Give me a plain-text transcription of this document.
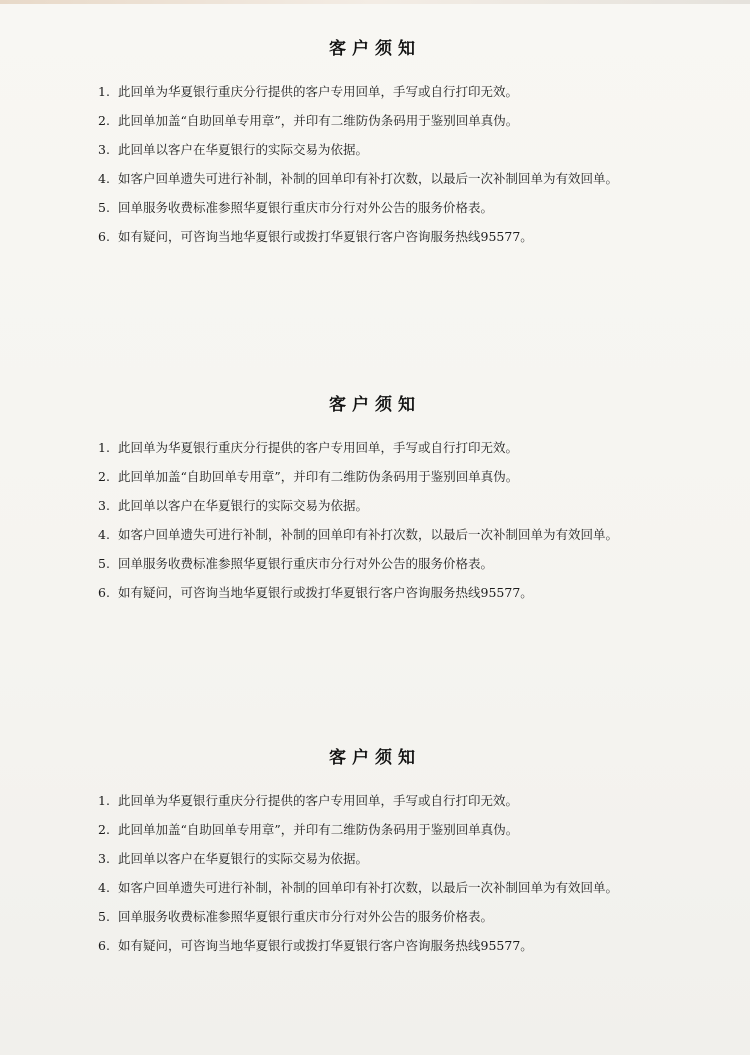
客户须知
1. 此回单为华夏银行重庆分行提供的客户专用回单，手写或自行打印无效。
2. 此回单加盖“自助回单专用章”，并印有二维防伪条码用于鉴别回单真伪。
3. 此回单以客户在华夏银行的实际交易为依据。
4. 如客户回单遗失可进行补制，补制的回单印有补打次数，以最后一次补制回单为有效回单。
5. 回单服务收费标准参照华夏银行重庆市分行对外公告的服务价格表。
6. 如有疑问，可咨询当地华夏银行或拨打华夏银行客户咨询服务热线95577。
客户须知
1. 此回单为华夏银行重庆分行提供的客户专用回单，手写或自行打印无效。
2. 此回单加盖“自助回单专用章”，并印有二维防伪条码用于鉴别回单真伪。
3. 此回单以客户在华夏银行的实际交易为依据。
4. 如客户回单遗失可进行补制，补制的回单印有补打次数，以最后一次补制回单为有效回单。
5. 回单服务收费标准参照华夏银行重庆市分行对外公告的服务价格表。
6. 如有疑问，可咨询当地华夏银行或拨打华夏银行客户咨询服务热线95577。
客户须知
1. 此回单为华夏银行重庆分行提供的客户专用回单，手写或自行打印无效。
2. 此回单加盖“自助回单专用章”，并印有二维防伪条码用于鉴别回单真伪。
3. 此回单以客户在华夏银行的实际交易为依据。
4. 如客户回单遗失可进行补制，补制的回单印有补打次数，以最后一次补制回单为有效回单。
5. 回单服务收费标准参照华夏银行重庆市分行对外公告的服务价格表。
6. 如有疑问，可咨询当地华夏银行或拨打华夏银行客户咨询服务热线95577。
